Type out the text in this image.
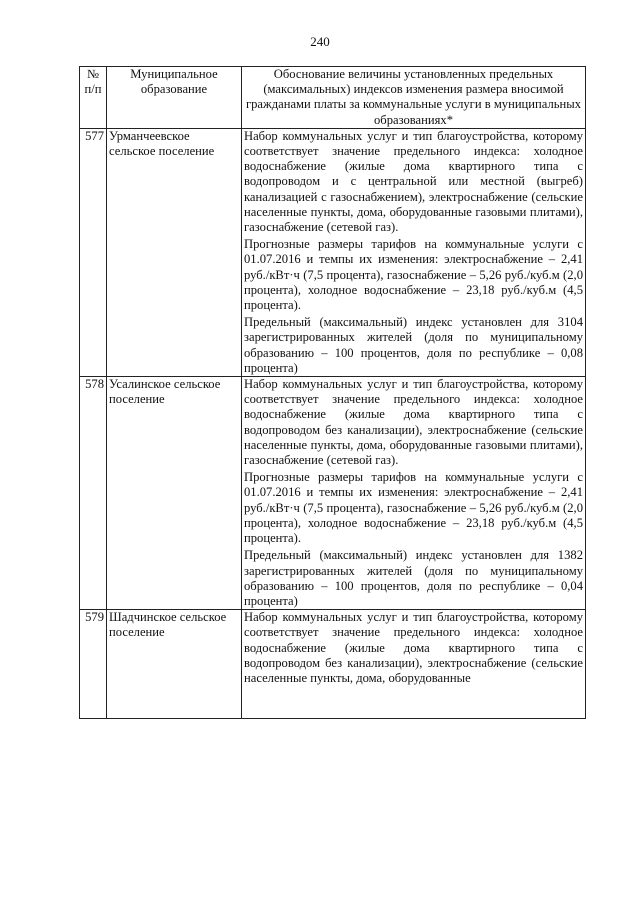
240
№ п/п	Муниципальное образование	Обоснование величины установленных предельных (максимальных) индексов изменения размера вносимой гражданами платы за коммунальные услуги в муниципальных образованиях*
577	Урманчеевское сельское поселение	Набор коммунальных услуг и тип благоустройства, которому соответствует значение предельного индекса: холодное водоснабжение (жилые дома квартирного типа с водопроводом и с центральной или местной (выгреб) канализацией с газоснабжением), электроснабжение (сельские населенные пункты, дома, оборудованные газовыми плитами), газоснабжение (сетевой газ).

Прогнозные размеры тарифов на коммунальные услуги с 01.07.2016 и темпы их изменения: электроснабжение – 2,41 руб./кВт·ч (7,5 процента), газоснабжение – 5,26 руб./куб.м (2,0 процента), холодное водоснабжение – 23,18 руб./куб.м (4,5 процента).

Предельный (максимальный) индекс установлен для 3104 зарегистрированных жителей (доля по муниципальному образованию – 100 процентов, доля по республике – 0,08 процента)

578	Усалинское сельское поселение	Набор коммунальных услуг и тип благоустройства, которому соответствует значение предельного индекса: холодное водоснабжение (жилые дома квартирного типа с водопроводом без канализации), электроснабжение (сельские населенные пункты, дома, оборудованные газовыми плитами), газоснабжение (сетевой газ).

Прогнозные размеры тарифов на коммунальные услуги с 01.07.2016 и темпы их изменения: электроснабжение – 2,41 руб./кВт·ч (7,5 процента), газоснабжение – 5,26 руб./куб.м (2,0 процента), холодное водоснабжение – 23,18 руб./куб.м (4,5 процента).

Предельный (максимальный) индекс установлен для 1382 зарегистрированных жителей (доля по муниципальному образованию – 100 процентов, доля по республике – 0,04 процента)

579	Шадчинское сельское поселение	Набор коммунальных услуг и тип благоустройства, которому соответствует значение предельного индекса: холодное водоснабжение (жилые дома квартирного типа с водопроводом без канализации), электроснабжение (сельские населенные пункты, дома, оборудованные
